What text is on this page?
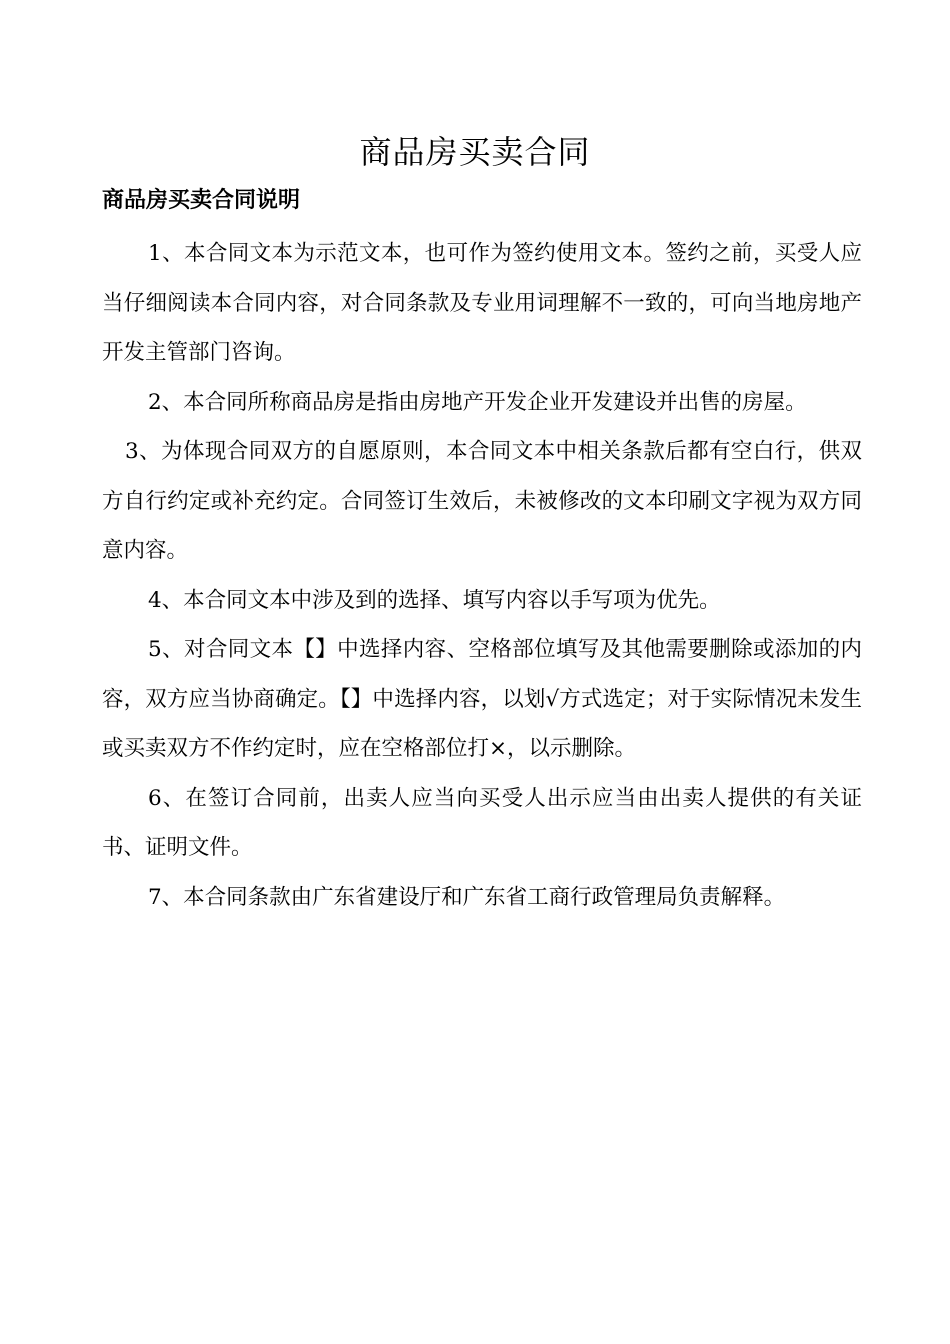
商品房买卖合同
商品房买卖合同说明

1、本合同文本为示范文本，也可作为签约使用文本。签约之前，买受人应当仔细阅读本合同内容，对合同条款及专业用词理解不一致的，可向当地房地产开发主管部门咨询。

2、本合同所称商品房是指由房地产开发企业开发建设并出售的房屋。

3、为体现合同双方的自愿原则，本合同文本中相关条款后都有空白行，供双方自行约定或补充约定。合同签订生效后，未被修改的文本印刷文字视为双方同意内容。

4、本合同文本中涉及到的选择、填写内容以手写项为优先。

5、对合同文本【】中选择内容、空格部位填写及其他需要删除或添加的内容，双方应当协商确定。【】中选择内容，以划√方式选定；对于实际情况未发生或买卖双方不作约定时，应在空格部位打×，以示删除。

6、在签订合同前，出卖人应当向买受人出示应当由出卖人提供的有关证书、证明文件。

7、本合同条款由广东省建设厅和广东省工商行政管理局负责解释。
